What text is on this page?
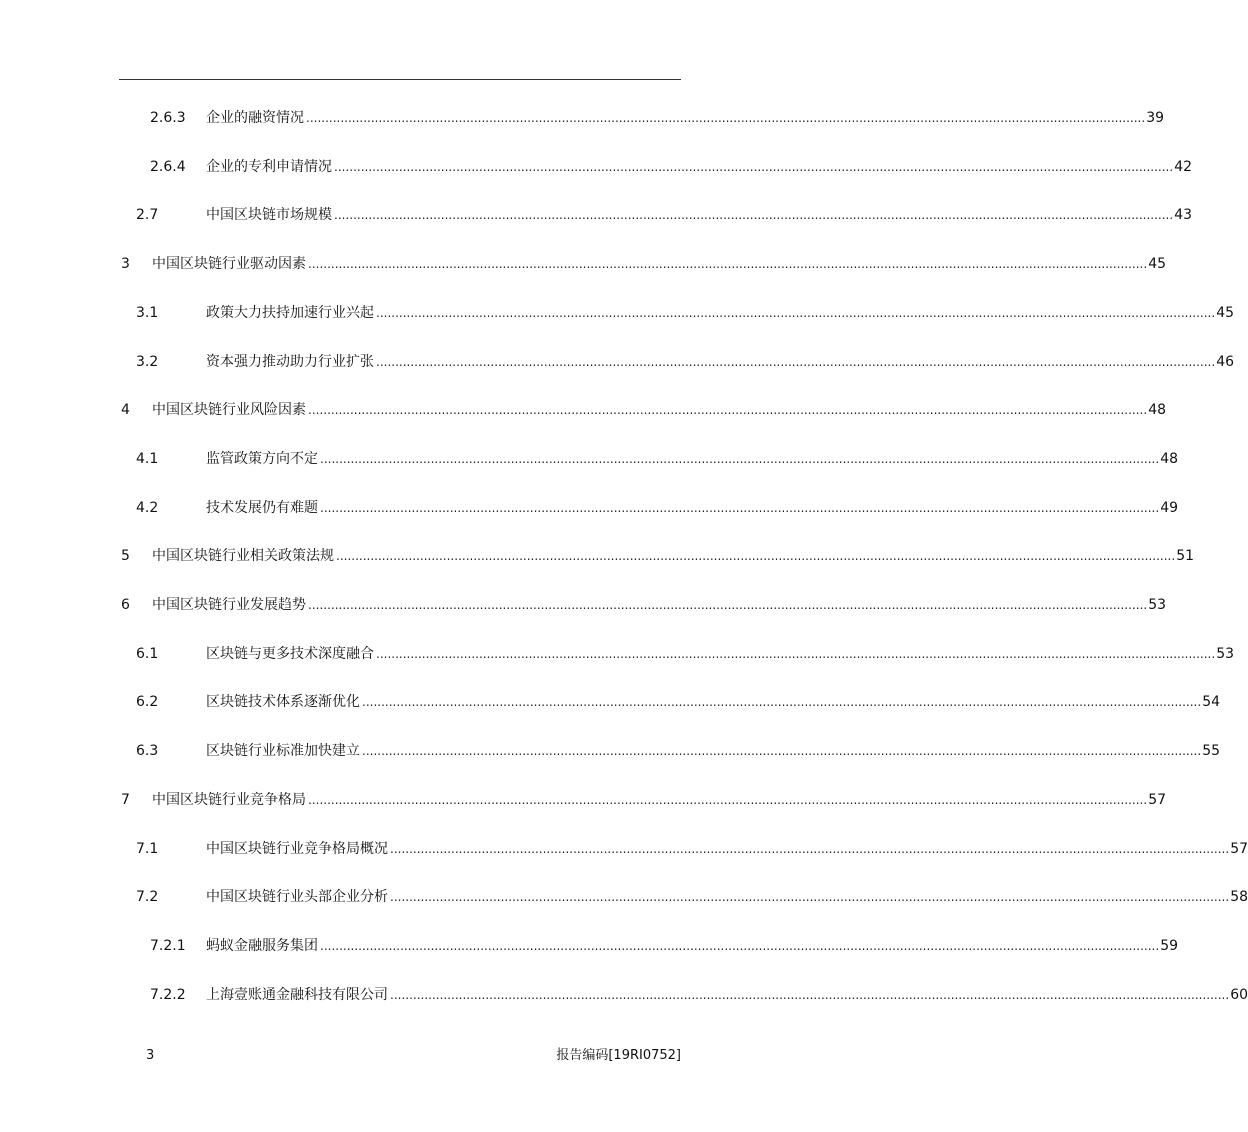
2.6.3 企业的融资情况 ............................................................................................................................................................................................................................ 39
2.6.4 企业的专利申请情况 ............................................................................................................................................................................................................................ 42
2.7	中国区块链市场规模 ............................................................................................................................................................................................................................ 43
3 中国区块链行业驱动因素 ............................................................................................................................................................................................................................ 45
3.1	政策大力扶持加速行业兴起 ............................................................................................................................................................................................................................ 45
3.2	资本强力推动助力行业扩张 ............................................................................................................................................................................................................................ 46
4 中国区块链行业风险因素 ............................................................................................................................................................................................................................ 48
4.1	监管政策方向不定 ............................................................................................................................................................................................................................ 48
4.2	技术发展仍有难题 ............................................................................................................................................................................................................................ 49
5 中国区块链行业相关政策法规 ............................................................................................................................................................................................................................ 51
6 中国区块链行业发展趋势 ............................................................................................................................................................................................................................ 53
6.1	区块链与更多技术深度融合 ............................................................................................................................................................................................................................ 53
6.2	区块链技术体系逐渐优化 ............................................................................................................................................................................................................................ 54
6.3	区块链行业标准加快建立 ............................................................................................................................................................................................................................ 55
7 中国区块链行业竞争格局 ............................................................................................................................................................................................................................ 57
7.1	中国区块链行业竞争格局概况 ............................................................................................................................................................................................................................ 57
7.2	中国区块链行业头部企业分析 ............................................................................................................................................................................................................................ 58
7.2.1 蚂蚁金融服务集团 ............................................................................................................................................................................................................................ 59
7.2.2 上海壹账通金融科技有限公司 ............................................................................................................................................................................................................................ 60
3	报告编码[19RI0752]
